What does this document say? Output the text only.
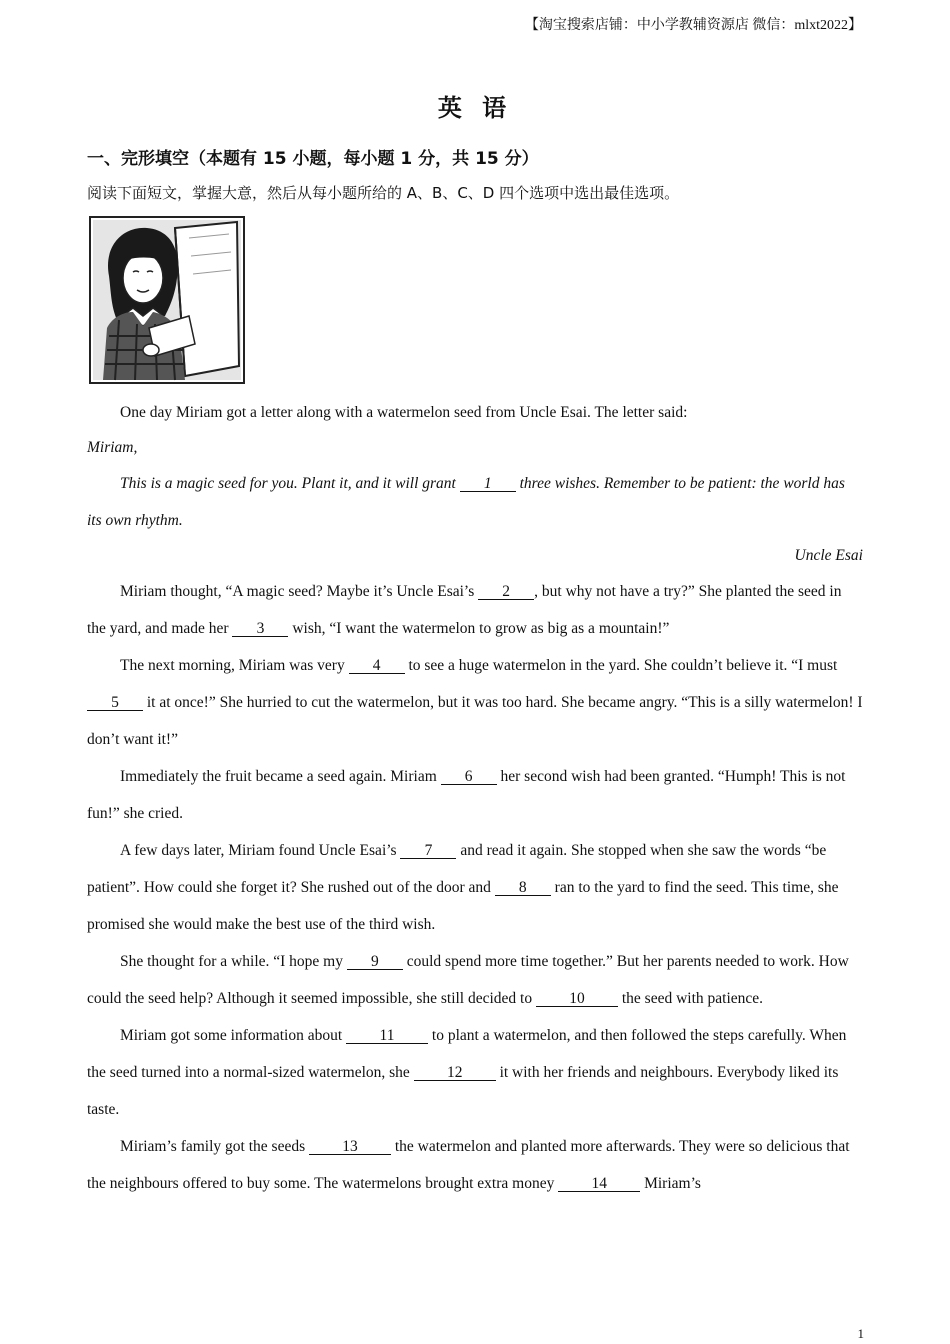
【淘宝搜索店铺：中小学教辅资源店 微信：mlxt2022】
英 语
一、完形填空（本题有 15 小题，每小题 1 分，共 15 分）
阅读下面短文，掌握大意，然后从每小题所给的 A、B、C、D 四个选项中选出最佳选项。

One day Miriam got a letter along with a watermelon seed from Uncle Esai. The letter said:

Miriam,

This is a magic seed for you. Plant it, and it will grant 1 three wishes. Remember to be patient: the world has its own rhythm.

Uncle Esai

Miriam thought, “A magic seed? Maybe it’s Uncle Esai’s 2 , but why not have a try?” She planted the seed in the yard, and made her 3 wish, “I want the watermelon to grow as big as a mountain!”

The next morning, Miriam was very 4 to see a huge watermelon in the yard. She couldn’t believe it. “I must 5 it at once!” She hurried to cut the watermelon, but it was too hard. She became angry. “This is a silly watermelon! I don’t want it!”

Immediately the fruit became a seed again. Miriam 6 her second wish had been granted. “Humph! This is not fun!” she cried.

A few days later, Miriam found Uncle Esai’s 7 and read it again. She stopped when she saw the words “be patient”. How could she forget it? She rushed out of the door and 8 ran to the yard to find the seed. This time, she promised she would make the best use of the third wish.

She thought for a while. “I hope my 9 could spend more time together.” But her parents needed to work. How could the seed help? Although it seemed impossible, she still decided to 10 the seed with patience.

Miriam got some information about 11 to plant a watermelon, and then followed the steps carefully. When the seed turned into a normal-sized watermelon, she 12 it with her friends and neighbours. Everybody liked its taste.

Miriam’s family got the seeds 13 the watermelon and planted more afterwards. They were so delicious that the neighbours offered to buy some. The watermelons brought extra money 14 Miriam’s

1
